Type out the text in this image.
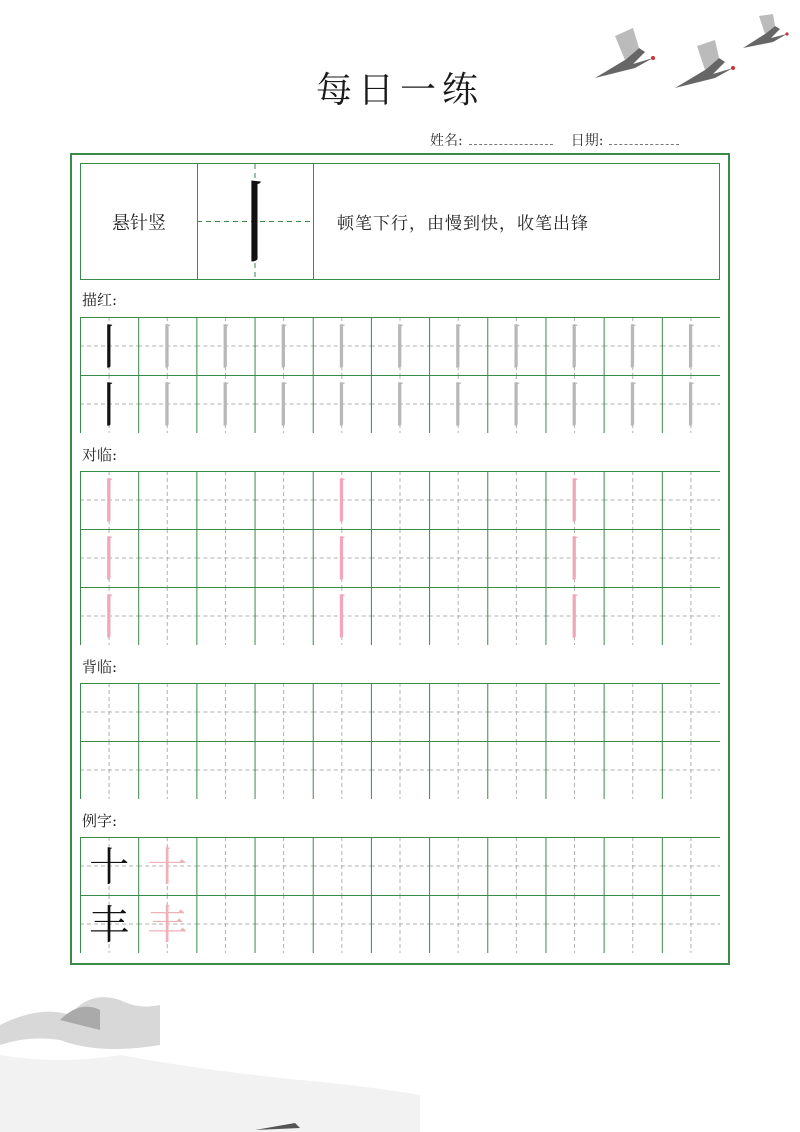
每日一练
姓名:	日期:
悬针竖 丨 顿笔下行，由慢到快，收笔出锋
描红:
丨 丨 丨 丨 丨 丨 丨 丨 丨 丨 丨
丨 丨 丨 丨 丨 丨 丨 丨 丨 丨 丨
对临:
丨	丨	丨
丨	丨	丨
丨	丨	丨
背临:
例字:
十 十
丰 丰
